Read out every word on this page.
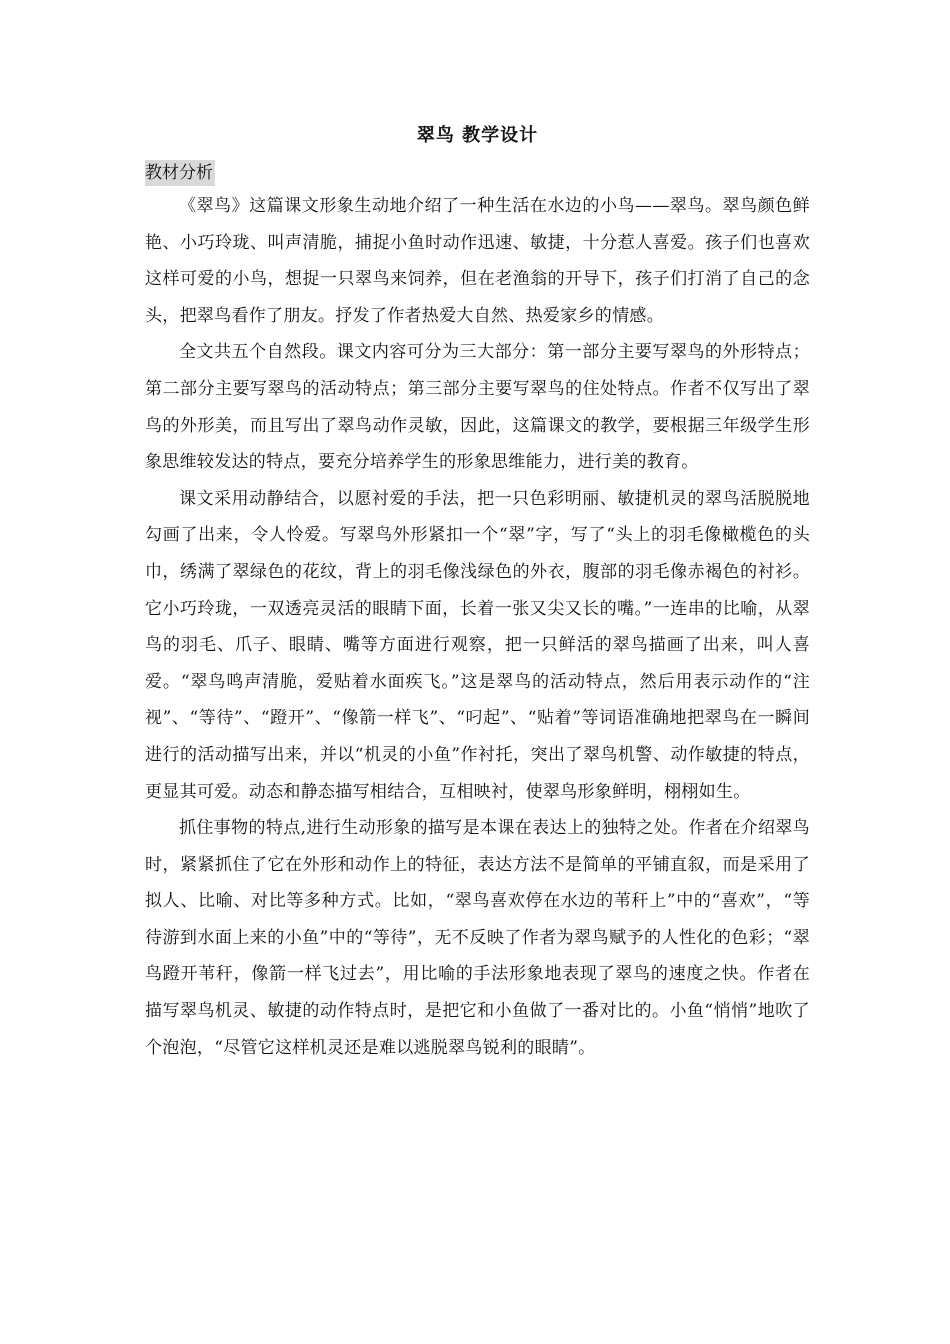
翠鸟 教学设计
教材分析

《翠鸟》这篇课文形象生动地介绍了一种生活在水边的小鸟——翠鸟。翠鸟颜色鲜艳、小巧玲珑、叫声清脆，捕捉小鱼时动作迅速、敏捷，十分惹人喜爱。孩子们也喜欢这样可爱的小鸟，想捉一只翠鸟来饲养，但在老渔翁的开导下，孩子们打消了自己的念头，把翠鸟看作了朋友。抒发了作者热爱大自然、热爱家乡的情感。

全文共五个自然段。课文内容可分为三大部分：第一部分主要写翠鸟的外形特点；第二部分主要写翠鸟的活动特点；第三部分主要写翠鸟的住处特点。作者不仅写出了翠鸟的外形美，而且写出了翠鸟动作灵敏，因此，这篇课文的教学，要根据三年级学生形象思维较发达的特点，要充分培养学生的形象思维能力，进行美的教育。

课文采用动静结合，以愿衬爱的手法，把一只色彩明丽、敏捷机灵的翠鸟活脱脱地勾画了出来，令人怜爱。写翠鸟外形紧扣一个“翠”字，写了“头上的羽毛像橄榄色的头巾，绣满了翠绿色的花纹，背上的羽毛像浅绿色的外衣，腹部的羽毛像赤褐色的衬衫。它小巧玲珑，一双透亮灵活的眼睛下面，长着一张又尖又长的嘴。”一连串的比喻，从翠鸟的羽毛、爪子、眼睛、嘴等方面进行观察，把一只鲜活的翠鸟描画了出来，叫人喜爱。“翠鸟鸣声清脆，爱贴着水面疾飞。”这是翠鸟的活动特点，然后用表示动作的“注视”、“等待”、“蹬开”、“像箭一样飞”、“叼起”、“贴着”等词语准确地把翠鸟在一瞬间进行的活动描写出来，并以“机灵的小鱼”作衬托，突出了翠鸟机警、动作敏捷的特点，更显其可爱。动态和静态描写相结合，互相映衬，使翠鸟形象鲜明，栩栩如生。

抓住事物的特点,进行生动形象的描写是本课在表达上的独特之处。作者在介绍翠鸟时，紧紧抓住了它在外形和动作上的特征，表达方法不是简单的平铺直叙，而是采用了拟人、比喻、对比等多种方式。比如，“翠鸟喜欢停在水边的苇秆上”中的“喜欢”，“等待游到水面上来的小鱼”中的“等待”，无不反映了作者为翠鸟赋予的人性化的色彩；“翠鸟蹬开苇秆，像箭一样飞过去”，用比喻的手法形象地表现了翠鸟的速度之快。作者在描写翠鸟机灵、敏捷的动作特点时，是把它和小鱼做了一番对比的。小鱼“悄悄”地吹了个泡泡，“尽管它这样机灵还是难以逃脱翠鸟锐利的眼睛”。
